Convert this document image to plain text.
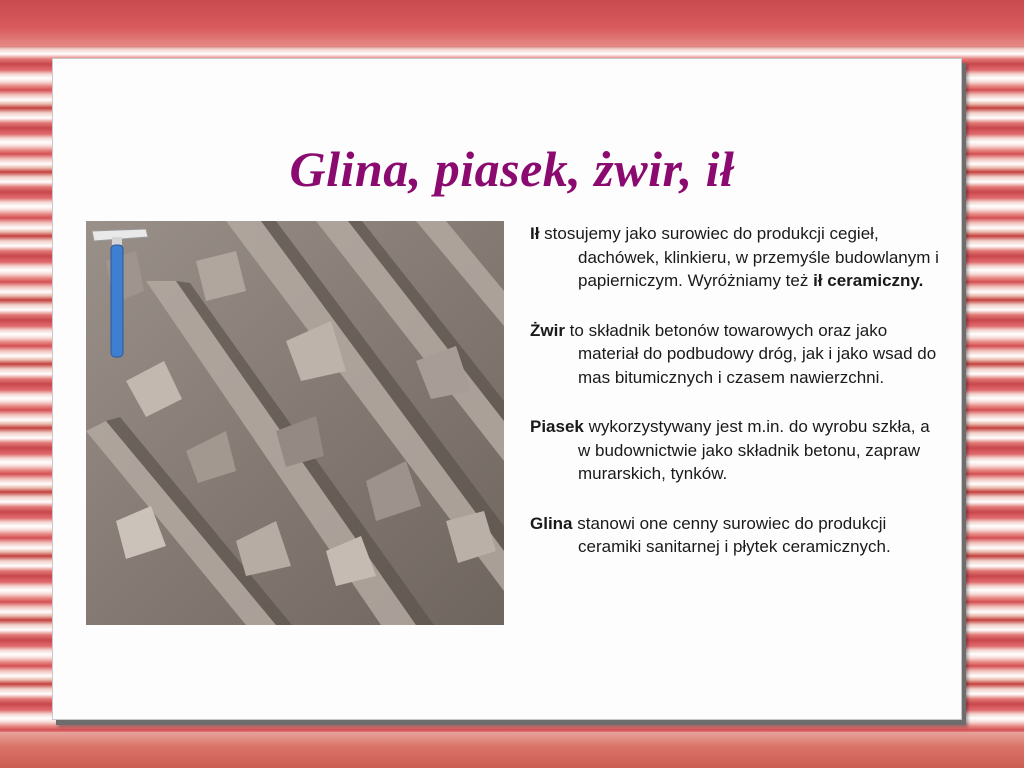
Glina, piasek, żwir, ił

Ił stosujemy jako surowiec do produkcji cegieł, dachówek, klinkieru, w przemyśle budowlanym i papierniczym. Wyróżniamy też ił ceramiczny.

Żwir to składnik betonów towarowych oraz jako materiał do podbudowy dróg, jak i jako wsad do mas bitumicznych i czasem nawierzchni.

Piasek wykorzystywany jest m.in. do wyrobu szkła, a w budownictwie jako składnik betonu, zapraw murarskich, tynków.

Glina stanowi one cenny surowiec do produkcji ceramiki sanitarnej i płytek ceramicznych.
